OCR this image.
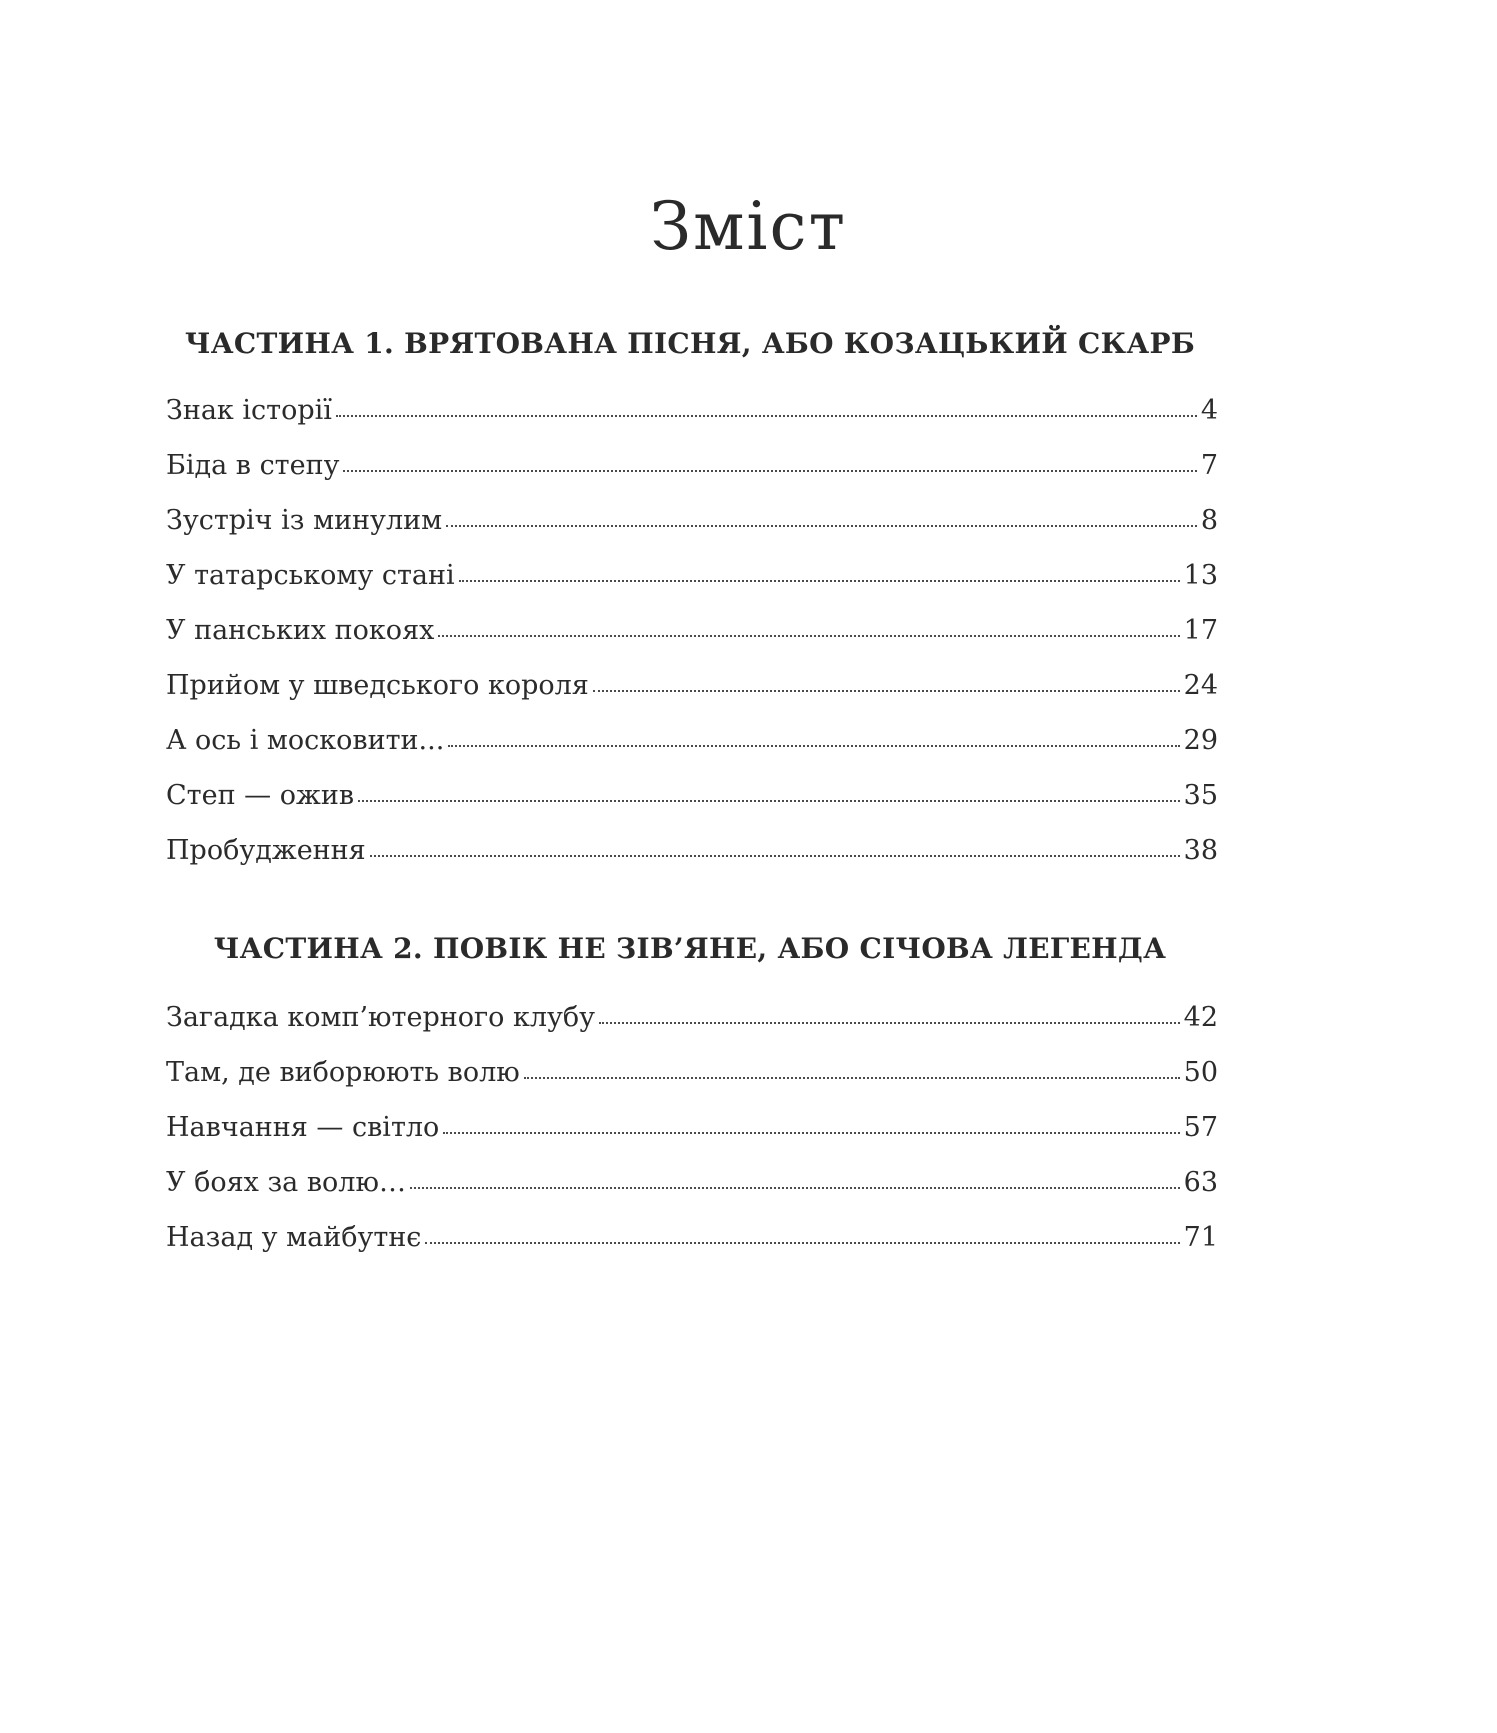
Зміст
ЧАСТИНА 1. ВРЯТОВАНА ПІСНЯ, АБО КОЗАЦЬКИЙ СКАРБ
Знак історії	4
Біда в степу	7
Зустріч із минулим	8
У татарському стані	13
У панських покоях	17
Прийом у шведського короля	24
А ось і московити...	29
Степ — ожив	35
Пробудження	38
ЧАСТИНА 2. ПОВІК НЕ ЗІВ’ЯНЕ, АБО СІЧОВА ЛЕГЕНДА
Загадка комп’ютерного клубу	42
Там, де виборюють волю	50
Навчання — світло	57
У боях за волю…	63
Назад у майбутнє	71
